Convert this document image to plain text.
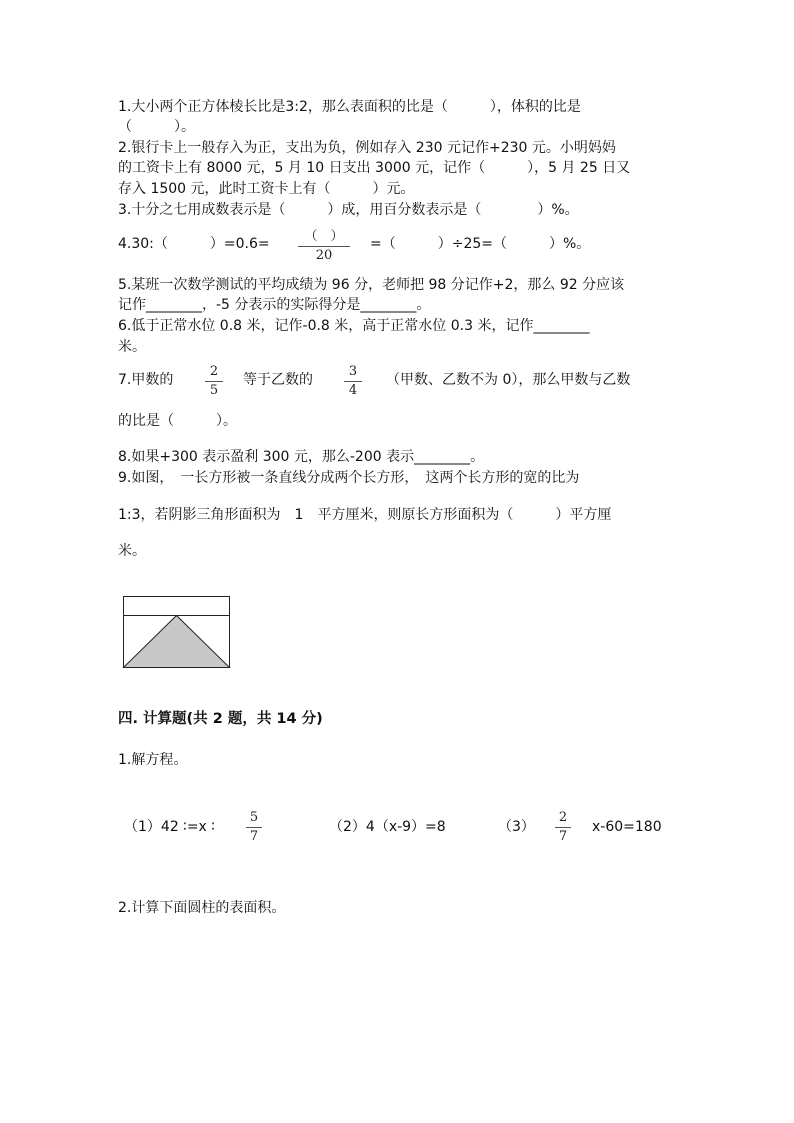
1.大小两个正方体棱长比是3:2，那么表面积的比是（　　　），体积的比是
（　　　）。
2.银行卡上一般存入为正，支出为负，例如存入 230 元记作+230 元。小明妈妈
的工资卡上有 8000 元，5 月 10 日支出 3000 元，记作（　　　），5 月 25 日又
存入 1500 元，此时工资卡上有（　　　）元。
3.十分之七用成数表示是（　　　）成，用百分数表示是（　　　　）%。
4.30:（　　　）=0.6=	（　）
20
=（　　　）÷25=（　　　）%。
5.某班一次数学测试的平均成绩为 96 分，老师把 98 分记作+2，那么 92 分应该
记作________，-5 分表示的实际得分是________。
6.低于正常水位 0.8 米，记作-0.8 米，高于正常水位 0.3 米，记作________
米。
7.甲数的
2
5
等于乙数的
3
4
（甲数、乙数不为 0），那么甲数与乙数
的比是（　　　）。
8.如果+300 表示盈利 300 元，那么-200 表示________。
9.如图，　一长方形被一条直线分成两个长方形，　这两个长方形的宽的比为
1:3，若阴影三角形面积为　1　平方厘米，则原长方形面积为（　　　）平方厘
米。
四. 计算题(共 2 题，共 14 分)
1.解方程。
（1）42 ∶=x ∶
5
7
（2）4（x-9）=8	（3）
2
7
x-60=180
2.计算下面圆柱的表面积。
